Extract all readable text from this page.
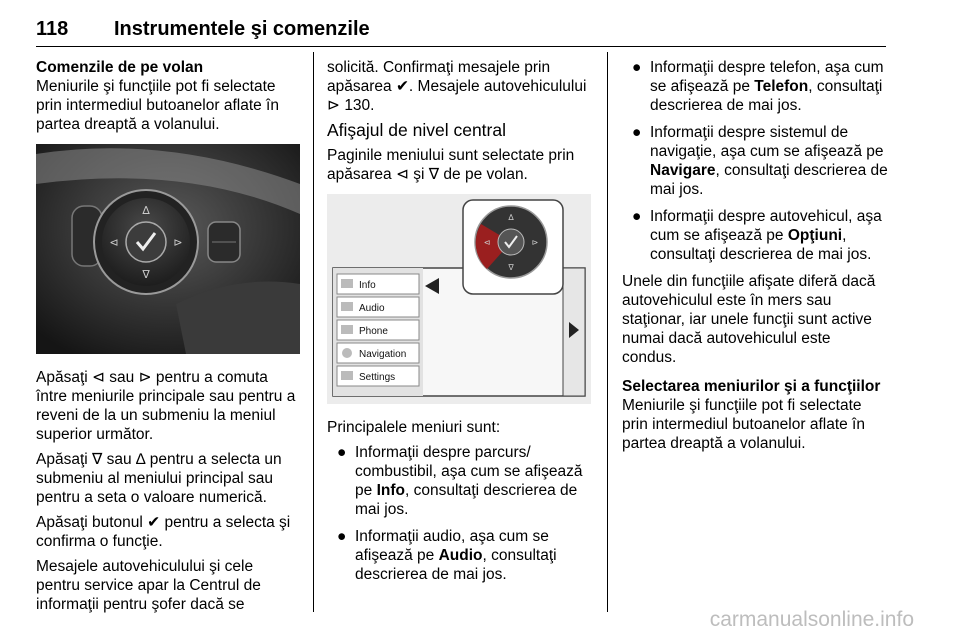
118 Instrumentele şi comenzile
Comenzile de pe volan

Meniurile şi funcţiile pot fi selectate prin intermediul butoanelor aflate în partea dreaptă a volanului.

∆
∇
⊲	⊳

Apăsaţi ⊲ sau ⊳ pentru a comuta între meniurile principale sau pentru a reveni de la un submeniu la meniul superior următor.

Apăsaţi ∇ sau ∆ pentru a selecta un submeniu al meniului principal sau pentru a seta o valoare numerică.

Apăsaţi butonul ✔ pentru a selecta şi confirma o funcţie.

Mesajele autovehiculului şi cele pentru service apar la Centrul de informaţii pentru şofer dacă se

solicită. Confirmaţi mesajele prin apăsarea ✔. Mesajele autovehiculului ⊳ 130.

Afişajul de nivel central

Paginile meniului sunt selectate prin apăsarea ⊲ şi ∇ de pe volan.

Info
Audio
Phone
Navigation
Settings
∆
∇
⊲	⊳

Principalele meniuri sunt:

● Informaţii despre parcurs/ combustibil, aşa cum se afişează pe Info, consultaţi descrierea de mai jos.
● Informaţii audio, aşa cum se afişează pe Audio, consultaţi descrierea de mai jos.
● Informaţii despre telefon, aşa cum se afişează pe Telefon, consultaţi descrierea de mai jos.
● Informaţii despre sistemul de navigaţie, aşa cum se afişează pe Navigare, consultaţi descrierea de mai jos.
● Informaţii despre autovehicul, aşa cum se afişează pe Opţiuni, consultaţi descrierea de mai jos.

Unele din funcţiile afişate diferă dacă autovehiculul este în mers sau staţionar, iar unele funcţii sunt active numai dacă autovehiculul este condus.

Selectarea meniurilor şi a funcţiilor

Meniurile şi funcţiile pot fi selectate prin intermediul butoanelor aflate în partea dreaptă a volanului.

carmanualsonline.info
